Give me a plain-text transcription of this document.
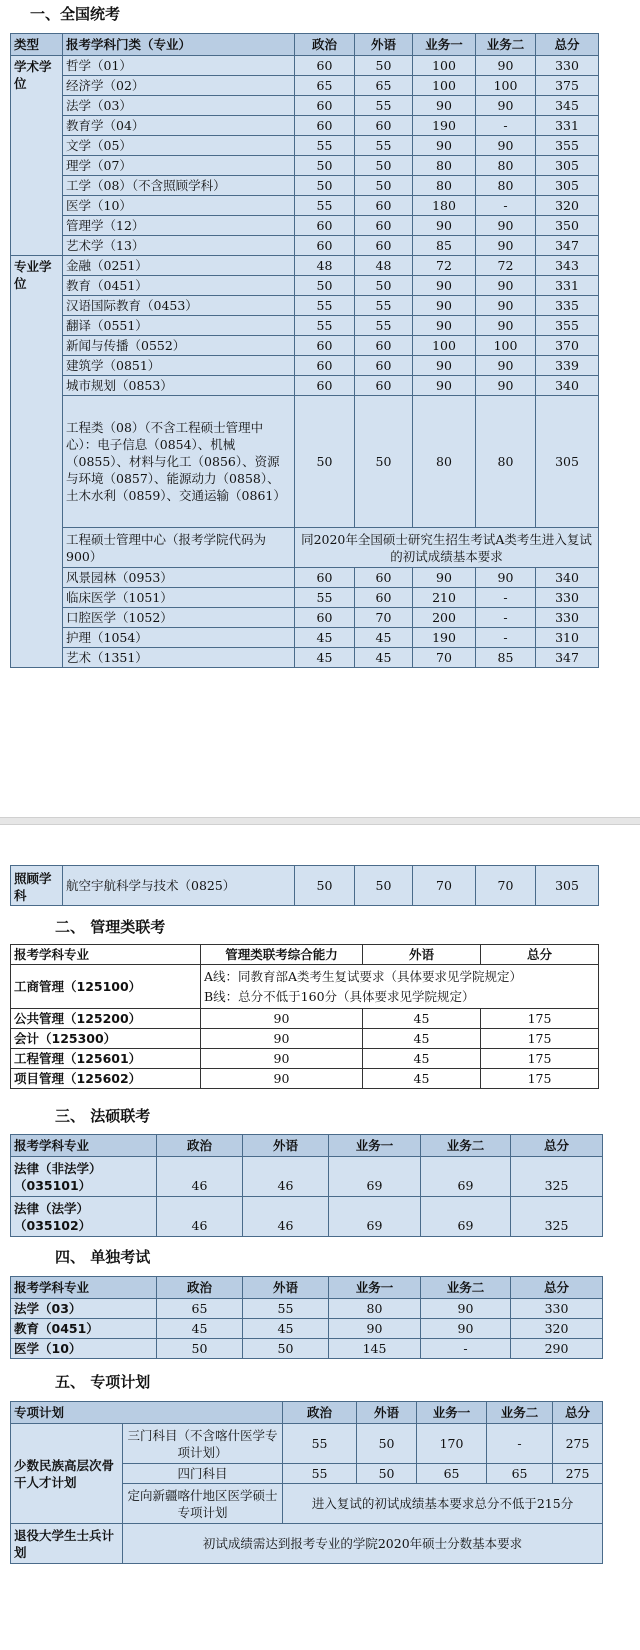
一、全国统考
类型	报考学科门类（专业）	政治	外语	业务一	业务二	总分
学术学位	哲学（01）	60	50	100	90	330
	经济学（02）	65	65	100	100	375
	法学（03）	60	55	90	90	345
	教育学（04）	60	60	190	-	331
	文学（05）	55	55	90	90	355
	理学（07）	50	50	80	80	305
	工学（08）（不含照顾学科）	50	50	80	80	305
	医学（10）	55	60	180	-	320
	管理学（12）	60	60	90	90	350
	艺术学（13）	60	60	85	90	347
专业学位	金融（0251）	48	48	72	72	343
	教育（0451）	50	50	90	90	331
	汉语国际教育（0453）	55	55	90	90	335
	翻译（0551）	55	55	90	90	355
	新闻与传播（0552）	60	60	100	100	370
	建筑学（0851）	60	60	90	90	339
	城市规划（0853）	60	60	90	90	340
	工程类（08）（不含工程硕士管理中心）：电子信息（0854）、机械（0855）、材料与化工（0856）、资源与环境（0857）、能源动力（0858）、土木水利（0859）、交通运输（0861）	50	50	80	80	305
	工程硕士管理中心（报考学院代码为900）	同2020年全国硕士研究生招生考试A类考生进入复试的初试成绩基本要求				
	风景园林（0953）	60	60	90	90	340
	临床医学（1051）	55	60	210	-	330
	口腔医学（1052）	60	70	200	-	330
	护理（1054）	45	45	190	-	310
	艺术（1351）	45	45	70	85	347
照顾学科	航空宇航科学与技术（0825）	50	50	70	70	305
二、 管理类联考
报考学科专业	管理类联考综合能力	外语	总分
工商管理（125100）	A线：同教育部A类考生复试要求（具体要求见学院规定）
B线：总分不低于160分（具体要求见学院规定）		

公共管理（125200）	90	45	175
会计（125300）	90	45	175
工程管理（125601）	90	45	175
项目管理（125602）	90	45	175
三、 法硕联考
报考学科专业	政治	外语	业务一	业务二	总分
法律（非法学）（035101）	46	46	69	69	325
法律（法学）（035102）	46	46	69	69	325
四、 单独考试
报考学科专业	政治	外语	业务一	业务二	总分
法学（03）	65	55	80	90	330
教育（0451）	45	45	90	90	320
医学（10）	50	50	145	-	290
五、 专项计划
专项计划		政治	外语	业务一	业务二	总分
少数民族高层次骨干人才计划	三门科目（不含喀什医学专项计划）	55	50	170	-	275
	四门科目	55	50	65	65	275
	定向新疆喀什地区医学硕士专项计划	进入复试的初试成绩基本要求总分不低于215分				
退役大学生士兵计划	初试成绩需达到报考专业的学院2020年硕士分数基本要求					
